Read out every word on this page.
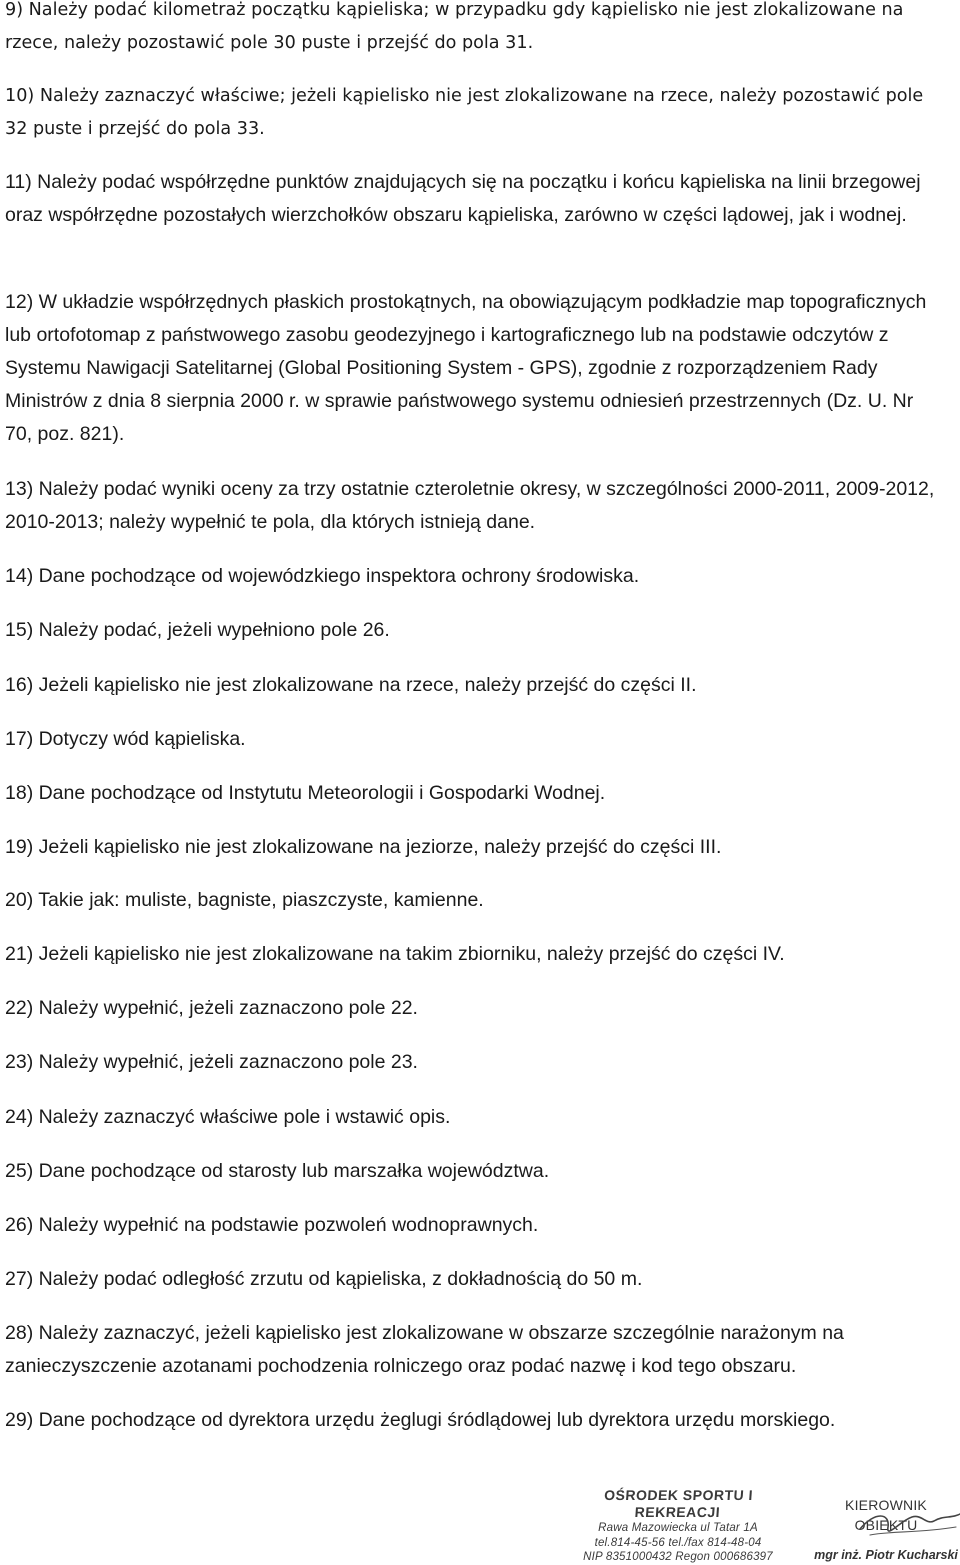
9) Należy podać kilometraż początku kąpieliska; w przypadku gdy kąpielisko nie jest zlokalizowane na rzece, należy pozostawić pole 30 puste i przejść do pola 31.
10) Należy zaznaczyć właściwe; jeżeli kąpielisko nie jest zlokalizowane na rzece, należy pozostawić pole 32 puste i przejść do pola 33.
11) Należy podać współrzędne punktów znajdujących się na początku i końcu kąpieliska na linii brzegowej oraz współrzędne pozostałych wierzchołków obszaru kąpieliska, zarówno w części lądowej, jak i wodnej.
12) W układzie współrzędnych płaskich prostokątnych, na obowiązującym podkładzie map topograficznych lub ortofotomap z państwowego zasobu geodezyjnego i kartograficznego lub na podstawie odczytów z Systemu Nawigacji Satelitarnej (Global Positioning System - GPS), zgodnie z rozporządzeniem Rady Ministrów z dnia 8 sierpnia 2000 r. w sprawie państwowego systemu odniesień przestrzennych (Dz. U. Nr 70, poz. 821).
13) Należy podać wyniki oceny za trzy ostatnie czteroletnie okresy, w szczególności 2000-2011, 2009-2012, 2010-2013; należy wypełnić te pola, dla których istnieją dane.
14) Dane pochodzące od wojewódzkiego inspektora ochrony środowiska.
15) Należy podać, jeżeli wypełniono pole 26.
16) Jeżeli kąpielisko nie jest zlokalizowane na rzece, należy przejść do części II.
17) Dotyczy wód kąpieliska.
18) Dane pochodzące od Instytutu Meteorologii i Gospodarki Wodnej.
19) Jeżeli kąpielisko nie jest zlokalizowane na jeziorze, należy przejść do części III.
20) Takie jak: muliste, bagniste, piaszczyste, kamienne.
21) Jeżeli kąpielisko nie jest zlokalizowane na takim zbiorniku, należy przejść do części IV.
22) Należy wypełnić, jeżeli zaznaczono pole 22.
23) Należy wypełnić, jeżeli zaznaczono pole 23.
24) Należy zaznaczyć właściwe pole i wstawić opis.
25) Dane pochodzące od starosty lub marszałka województwa.
26) Należy wypełnić na podstawie pozwoleń wodnoprawnych.
27) Należy podać odległość zrzutu od kąpieliska, z dokładnością do 50 m.
28) Należy zaznaczyć, jeżeli kąpielisko jest zlokalizowane w obszarze szczególnie narażonym na zanieczyszczenie azotanami pochodzenia rolniczego oraz podać nazwę i kod tego obszaru.
29) Dane pochodzące od dyrektora urzędu żeglugi śródlądowej lub dyrektora urzędu morskiego.
OŚRODEK SPORTU I REKREACJI
Rawa Mazowiecka ul Tatar 1A
tel.814-45-56 tel./fax 814-48-04
NIP 8351000432 Regon 000686397
KIEROWNIK OBIEKTU
mgr inż. Piotr Kucharski
